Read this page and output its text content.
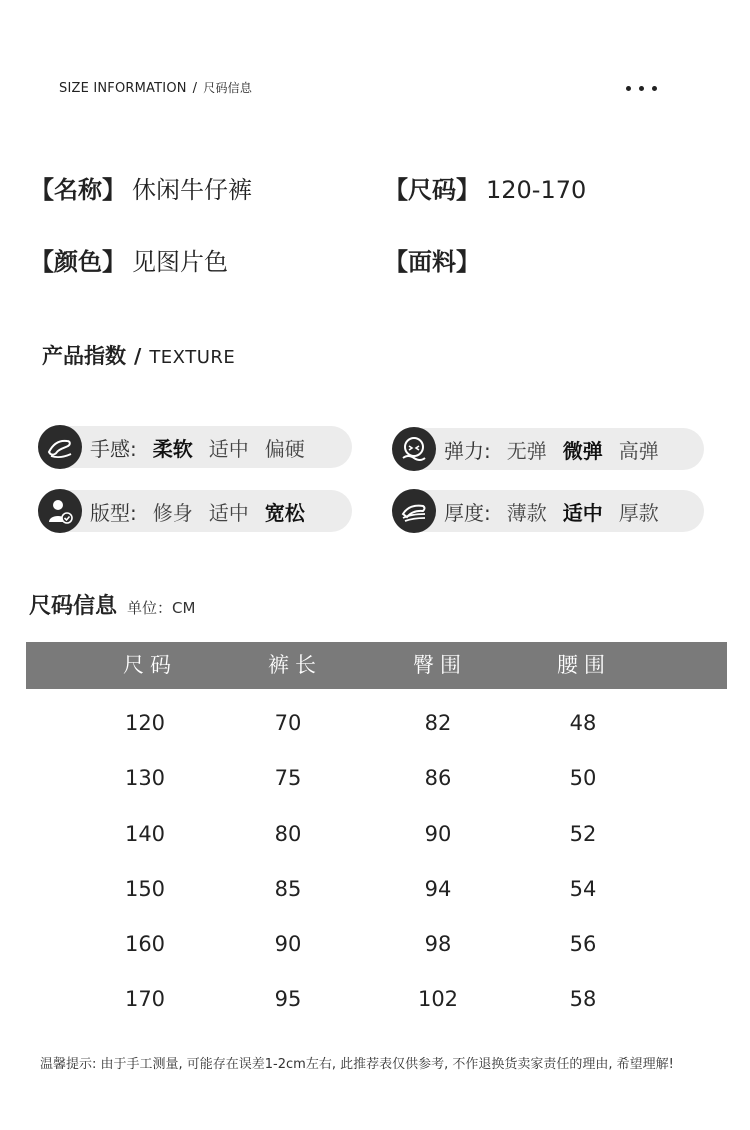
SIZE INFORMATION / 尺码信息
【名称】 休闲牛仔裤	【尺码】 120-170
【颜色】 见图片色	【面料】
产品指数 / TEXTURE
手感: 柔软 适中 偏硬	弹力: 无弹 微弹 高弹
版型: 修身 适中 宽松	厚度: 薄款 适中 厚款
尺码信息 单位：CM
尺码	裤长	臀围	腰围
120	70	82	48
130	75	86	50
140	80	90	52
150	85	94	54
160	90	98	56
170	95	102	58
温馨提示: 由于手工测量, 可能存在误差1-2cm左右, 此推荐表仅供参考, 不作退换货卖家责任的理由, 希望理解!
